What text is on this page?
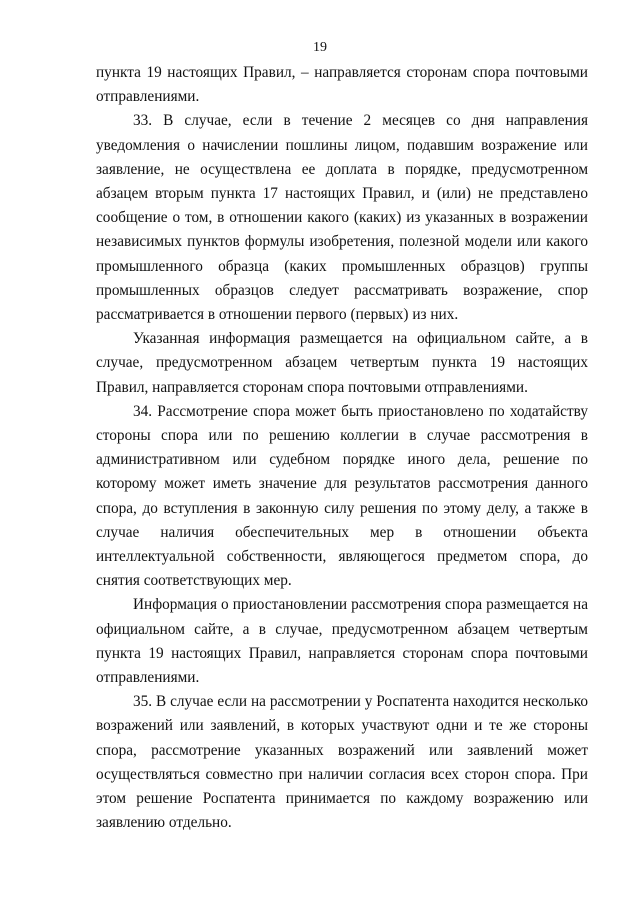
19

пункта 19 настоящих Правил, – направляется сторонам спора почтовыми отправлениями.

33. В случае, если в течение 2 месяцев со дня направления уведомления о начислении пошлины лицом, подавшим возражение или заявление, не осуществлена ее доплата в порядке, предусмотренном абзацем вторым пункта 17 настоящих Правил, и (или) не представлено сообщение о том, в отношении какого (каких) из указанных в возражении независимых пунктов формулы изобретения, полезной модели или какого промышленного образца (каких промышленных образцов) группы промышленных образцов следует рассматривать возражение, спор рассматривается в отношении первого (первых) из них.

Указанная информация размещается на официальном сайте, а в случае, предусмотренном абзацем четвертым пункта 19 настоящих Правил, направляется сторонам спора почтовыми отправлениями.

34. Рассмотрение спора может быть приостановлено по ходатайству стороны спора или по решению коллегии в случае рассмотрения в административном или судебном порядке иного дела, решение по которому может иметь значение для результатов рассмотрения данного спора, до вступления в законную силу решения по этому делу, а также в случае наличия обеспечительных мер в отношении объекта интеллектуальной собственности, являющегося предметом спора, до снятия соответствующих мер.

Информация о приостановлении рассмотрения спора размещается на официальном сайте, а в случае, предусмотренном абзацем четвертым пункта 19 настоящих Правил, направляется сторонам спора почтовыми отправлениями.

35. В случае если на рассмотрении у Роспатента находится несколько возражений или заявлений, в которых участвуют одни и те же стороны спора, рассмотрение указанных возражений или заявлений может осуществляться совместно при наличии согласия всех сторон спора. При этом решение Роспатента принимается по каждому возражению или заявлению отдельно.
